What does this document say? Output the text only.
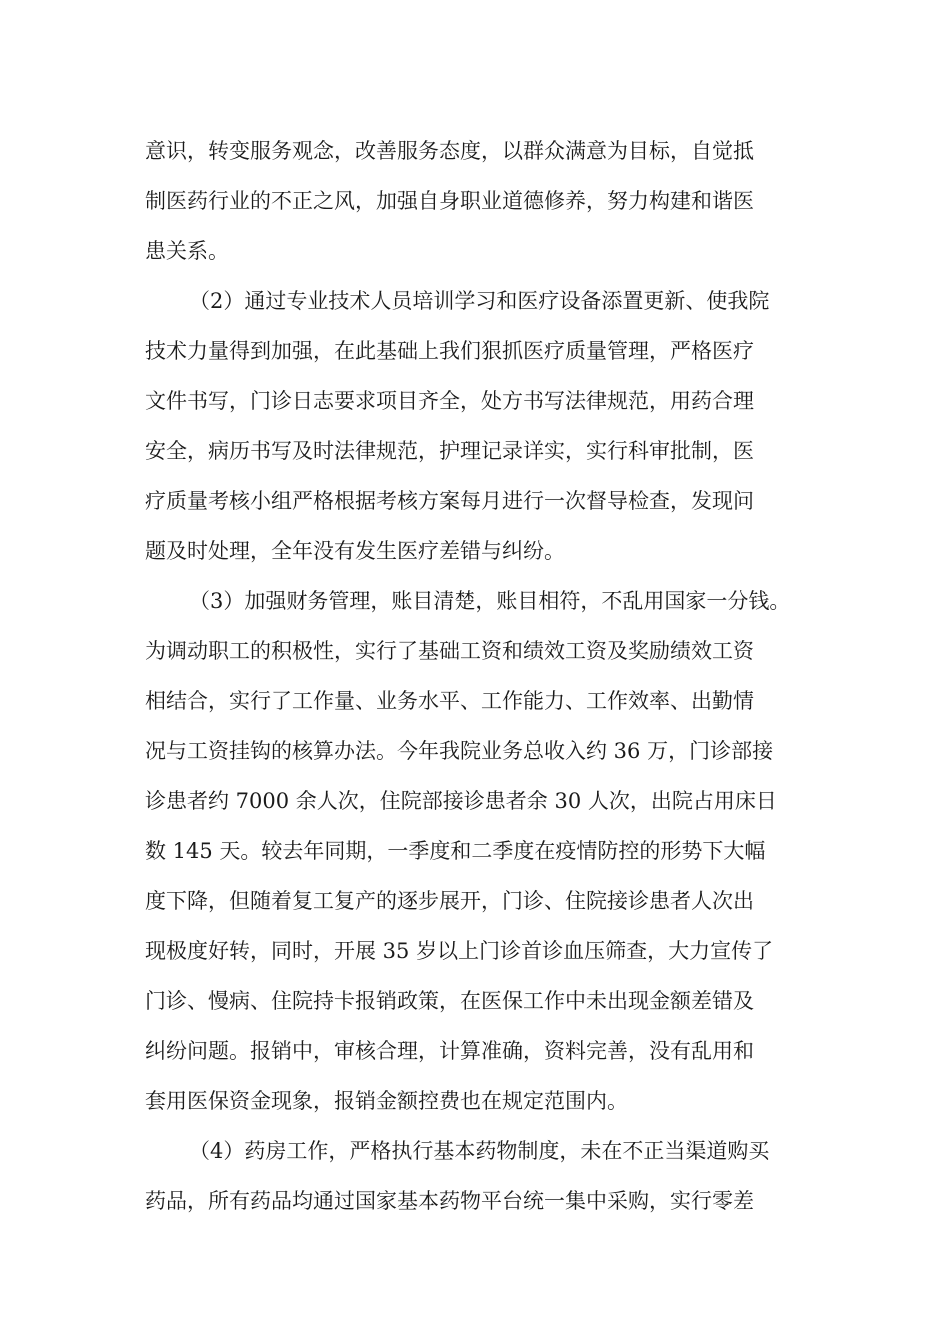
意识，转变服务观念，改善服务态度，以群众满意为目标，自觉抵
制医药行业的不正之风，加强自身职业道德修养，努力构建和谐医
患关系。
（2）通过专业技术人员培训学习和医疗设备添置更新、使我院
技术力量得到加强，在此基础上我们狠抓医疗质量管理，严格医疗
文件书写，门诊日志要求项目齐全，处方书写法律规范，用药合理
安全，病历书写及时法律规范，护理记录详实，实行科审批制，医
疗质量考核小组严格根据考核方案每月进行一次督导检查，发现问
题及时处理，全年没有发生医疗差错与纠纷。
（3）加强财务管理，账目清楚，账目相符，不乱用国家一分钱。
为调动职工的积极性，实行了基础工资和绩效工资及奖励绩效工资
相结合，实行了工作量、业务水平、工作能力、工作效率、出勤情
况与工资挂钩的核算办法。今年我院业务总收入约 36 万，门诊部接
诊患者约 7000 余人次，住院部接诊患者余 30 人次，出院占用床日
数 145 天。较去年同期，一季度和二季度在疫情防控的形势下大幅
度下降，但随着复工复产的逐步展开，门诊、住院接诊患者人次出
现极度好转，同时，开展 35 岁以上门诊首诊血压筛查，大力宣传了
门诊、慢病、住院持卡报销政策，在医保工作中未出现金额差错及
纠纷问题。报销中，审核合理，计算准确，资料完善，没有乱用和
套用医保资金现象，报销金额控费也在规定范围内。
（4）药房工作，严格执行基本药物制度，未在不正当渠道购买
药品，所有药品均通过国家基本药物平台统一集中采购，实行零差
